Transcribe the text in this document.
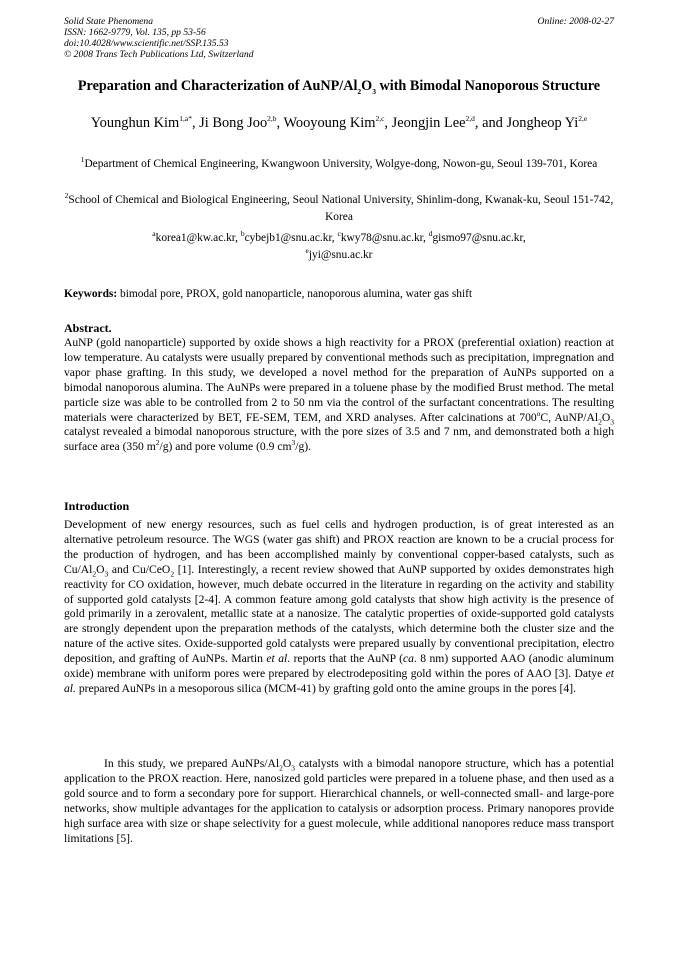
Solid State Phenomena
ISSN: 1662-9779, Vol. 135, pp 53-56
doi:10.4028/www.scientific.net/SSP.135.53
© 2008 Trans Tech Publications Ltd, Switzerland
Online: 2008-02-27
Preparation and Characterization of AuNP/$Al_2O_3$ with Bimodal Nanoporous Structure
Younghun Kim$^{1,a*}$, Ji Bong Joo$^{2,b}$, Wooyoung Kim$^{2,c}$, Jeongjin Lee$^{2,d}$, and Jongheop Yi$^{2,e}$
$^1$Department of Chemical Engineering, Kwangwoon University, Wolgye-dong, Nowon-gu, Seoul 139-701, Korea
$^2$School of Chemical and Biological Engineering, Seoul National University, Shinlim-dong, Kwanak-ku, Seoul 151-742, Korea
$^a$korea1@kw.ac.kr, $^b$cybejb1@snu.ac.kr, $^c$kwy78@snu.ac.kr, $^d$gismo97@snu.ac.kr,
$^e$jyi@snu.ac.kr
Keywords: bimodal pore, PROX, gold nanoparticle, nanoporous alumina, water gas shift
Abstract.
AuNP (gold nanoparticle) supported by oxide shows a high reactivity for a PROX (preferential oxiation) reaction at low temperature. Au catalysts were usually prepared by conventional methods such as precipitation, impregnation and vapor phase grafting. In this study, we developed a novel method for the preparation of AuNPs supported on a bimodal nanoporous alumina. The AuNPs were prepared in a toluene phase by the modified Brust method. The metal particle size was able to be controlled from 2 to 50 nm via the control of the surfactant concentrations. The resulting materials were characterized by BET, FE-SEM, TEM, and XRD analyses. After calcinations at 700$^o$C, AuNP/$Al_2O_3$ catalyst revealed a bimodal nanoporous structure, with the pore sizes of 3.5 and 7 nm, and demonstrated both a high surface area (350 $m^2/g$) and pore volume (0.9 $cm^3/g$).
Introduction
Development of new energy resources, such as fuel cells and hydrogen production, is of great interested as an alternative petroleum resource. The WGS (water gas shift) and PROX reaction are known to be a crucial process for the production of hydrogen, and has been accomplished mainly by conventional copper-based catalysts, such as $Cu/Al_2O_3$ and Cu/CeO$_2$ [1]. Interestingly, a recent review showed that AuNP supported by oxides demonstrates high reactivity for CO oxidation, however, much debate occurred in the literature in regarding on the activity and stability of supported gold catalysts [2-4]. A common feature among gold catalysts that show high activity is the presence of gold primarily in a zerovalent, metallic state at a nanosize. The catalytic properties of oxide-supported gold catalysts are strongly dependent upon the preparation methods of the catalysts, which determine both the cluster size and the nature of the active sites. Oxide-supported gold catalysts were prepared usually by conventional precipitation, electro deposition, and grafting of AuNPs. Martin et al. reports that the AuNP (ca. 8 nm) supported AAO (anodic aluminum oxide) membrane with uniform pores were prepared by electrodepositing gold within the pores of AAO [3]. Datye et al. prepared AuNPs in a mesoporous silica (MCM-41) by grafting gold onto the amine groups in the pores [4].
In this study, we prepared AuNPs/$Al_2O_3$ catalysts with a bimodal nanopore structure, which has a potential application to the PROX reaction. Here, nanosized gold particles were prepared in a toluene phase, and then used as a gold source and to form a secondary pore for support. Hierarchical channels, or well-connected small- and large-pore networks, show multiple advantages for the application to catalysis or adsorption process. Primary nanopores provide high surface area with size or shape selectivity for a guest molecule, while additional nanopores reduce mass transport limitations [5].
